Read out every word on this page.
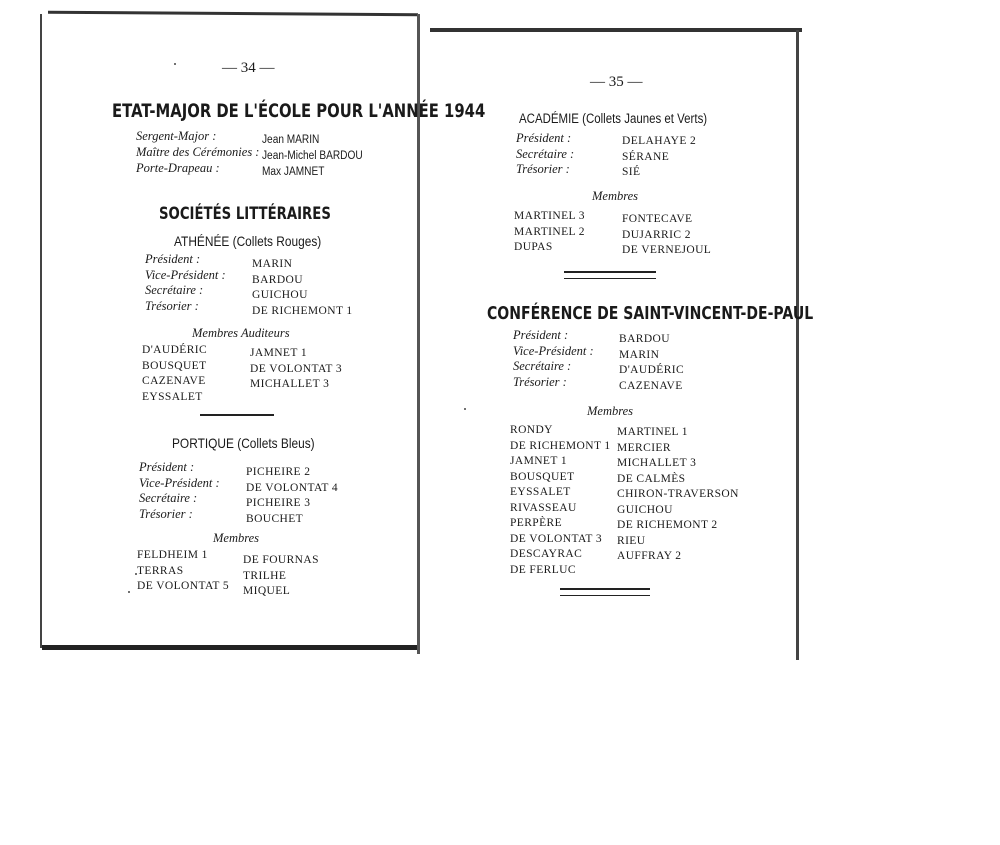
— 34 —
ETAT-MAJOR DE L'ÉCOLE POUR L'ANNÉE 1944
Sergent-Major :
Maître des Cérémonies :
Porte-Drapeau :
Jean MARIN
Jean-Michel BARDOU
Max JAMNET
SOCIÉTÉS LITTÉRAIRES
ATHÉNÉE (Collets Rouges)
Président :
Vice-Président :
Secrétaire :
Trésorier :
MARIN
BARDOU
GUICHOU
DE RICHEMONT 1
Membres Auditeurs
D'AUDÉRIC
BOUSQUET
CAZENAVE
EYSSALET
JAMNET 1
DE VOLONTAT 3
MICHALLET 3
PORTIQUE (Collets Bleus)
Président :
Vice-Président :
Secrétaire :
Trésorier :
PICHEIRE 2
DE VOLONTAT 4
PICHEIRE 3
BOUCHET
Membres
FELDHEIM 1
TERRAS
DE VOLONTAT 5
DE FOURNAS
TRILHE
MIQUEL
— 35 —
ACADÉMIE (Collets Jaunes et Verts)
Président :
Secrétaire :
Trésorier :
DELAHAYE 2
SÉRANE
SIÉ
Membres
MARTINEL 3
MARTINEL 2
DUPAS
FONTECAVE
DUJARRIC 2
DE VERNEJOUL
CONFÉRENCE DE SAINT-VINCENT-DE-PAUL
Président :
Vice-Président :
Secrétaire :
Trésorier :
BARDOU
MARIN
D'AUDÉRIC
CAZENAVE
Membres
RONDY
DE RICHEMONT 1
JAMNET 1
BOUSQUET
EYSSALET
RIVASSEAU
PERPÈRE
DE VOLONTAT 3
DESCAYRAC
DE FERLUC
MARTINEL 1
MERCIER
MICHALLET 3
DE CALMÈS
CHIRON-TRAVERSON
GUICHOU
DE RICHEMONT 2
RIEU
AUFFRAY 2
